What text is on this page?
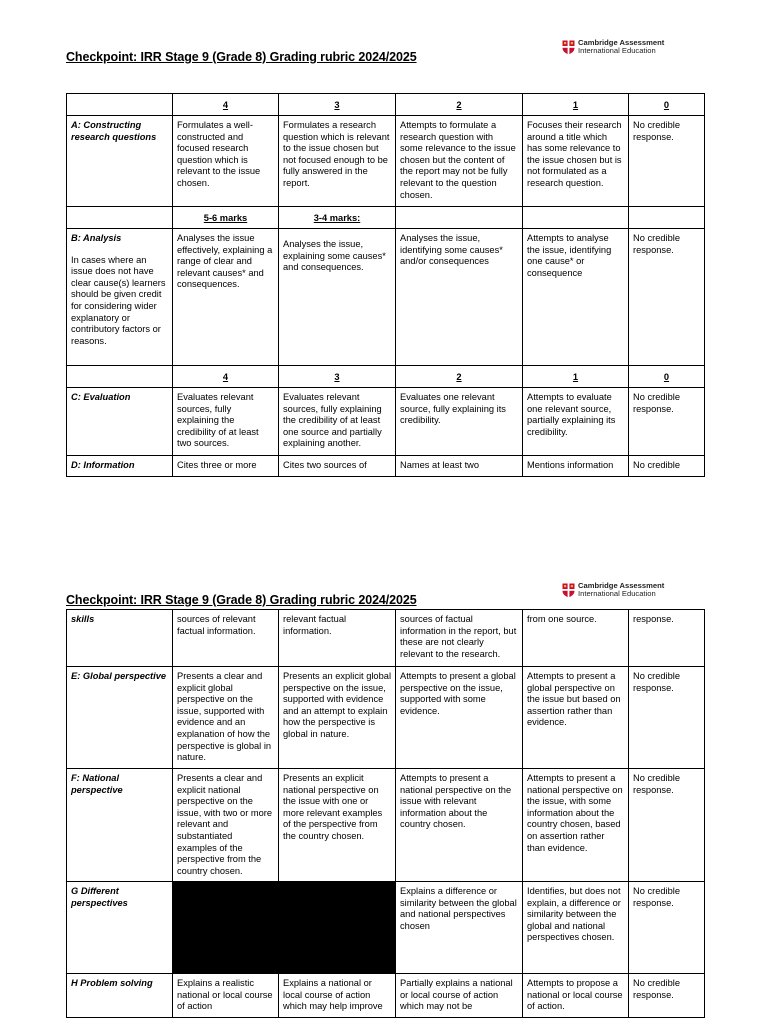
Checkpoint: IRR Stage 9 (Grade 8) Grading rubric 2024/2025
Cambridge Assessment
International Education
	4	3	2	1	0
A: Constructing research questions	Formulates a well-constructed and focused research question which is relevant to the issue chosen.	Formulates a research question which is relevant to the issue chosen but not focused enough to be fully answered in the report.	Attempts to formulate a research question with some relevance to the issue chosen but the content of the report may not be fully relevant to the question chosen.	Focuses their research around a title which has some relevance to the issue chosen but is not formulated as a research question.	No credible response.
	5-6 marks	3-4 marks:			

B: Analysis
In cases where an issue does not have clear cause(s) learners should be given credit for considering wider explanatory or contributory factors or reasons.	Analyses the issue effectively, explaining a range of clear and relevant causes* and consequences.	Analyses the issue, explaining some causes* and consequences.	Analyses the issue, identifying some causes* and/or consequences	Attempts to analyse the issue, identifying one cause* or consequence	No credible response.
	4	3	2	1	0
C: Evaluation	Evaluates relevant sources, fully explaining the credibility of at least two sources.	Evaluates relevant sources, fully explaining the credibility of at least one source and partially explaining another.	Evaluates one relevant source, fully explaining its credibility.	Attempts to evaluate one relevant source, partially explaining its credibility.	No credible response.
D: Information	Cites three or more	Cites two sources of	Names at least two	Mentions information	No credible
Checkpoint: IRR Stage 9 (Grade 8) Grading rubric 2024/2025
Cambridge Assessment
International Education
skills	sources of relevant factual information.	relevant factual information.	sources of factual information in the report, but these are not clearly relevant to the research.	from one source.	response.
E: Global perspective	Presents a clear and explicit global perspective on the issue, supported with evidence and an explanation of how the perspective is global in nature.	Presents an explicit global perspective on the issue, supported with evidence and an attempt to explain how the perspective is global in nature.	Attempts to present a global perspective on the issue, supported with some evidence.	Attempts to present a global perspective on the issue but based on assertion rather than evidence.	No credible response.
F: National perspective	Presents a clear and explicit national perspective on the issue, with two or more relevant and substantiated examples of the perspective from the country chosen.	Presents an explicit national perspective on the issue with one or more relevant examples of the perspective from the country chosen.	Attempts to present a national perspective on the issue with relevant information about the country chosen.	Attempts to present a national perspective on the issue, with some information about the country chosen, based on assertion rather than evidence.	No credible response.
G Different perspectives			Explains a difference or similarity between the global and national perspectives chosen	Identifies, but does not explain, a difference or similarity between the global and national perspectives chosen.	No credible response.
H Problem solving	Explains a realistic national or local course of action	Explains a national or local course of action which may help improve	Partially explains a national or local course of action which may not be	Attempts to propose a national or local course of action.	No credible response.
